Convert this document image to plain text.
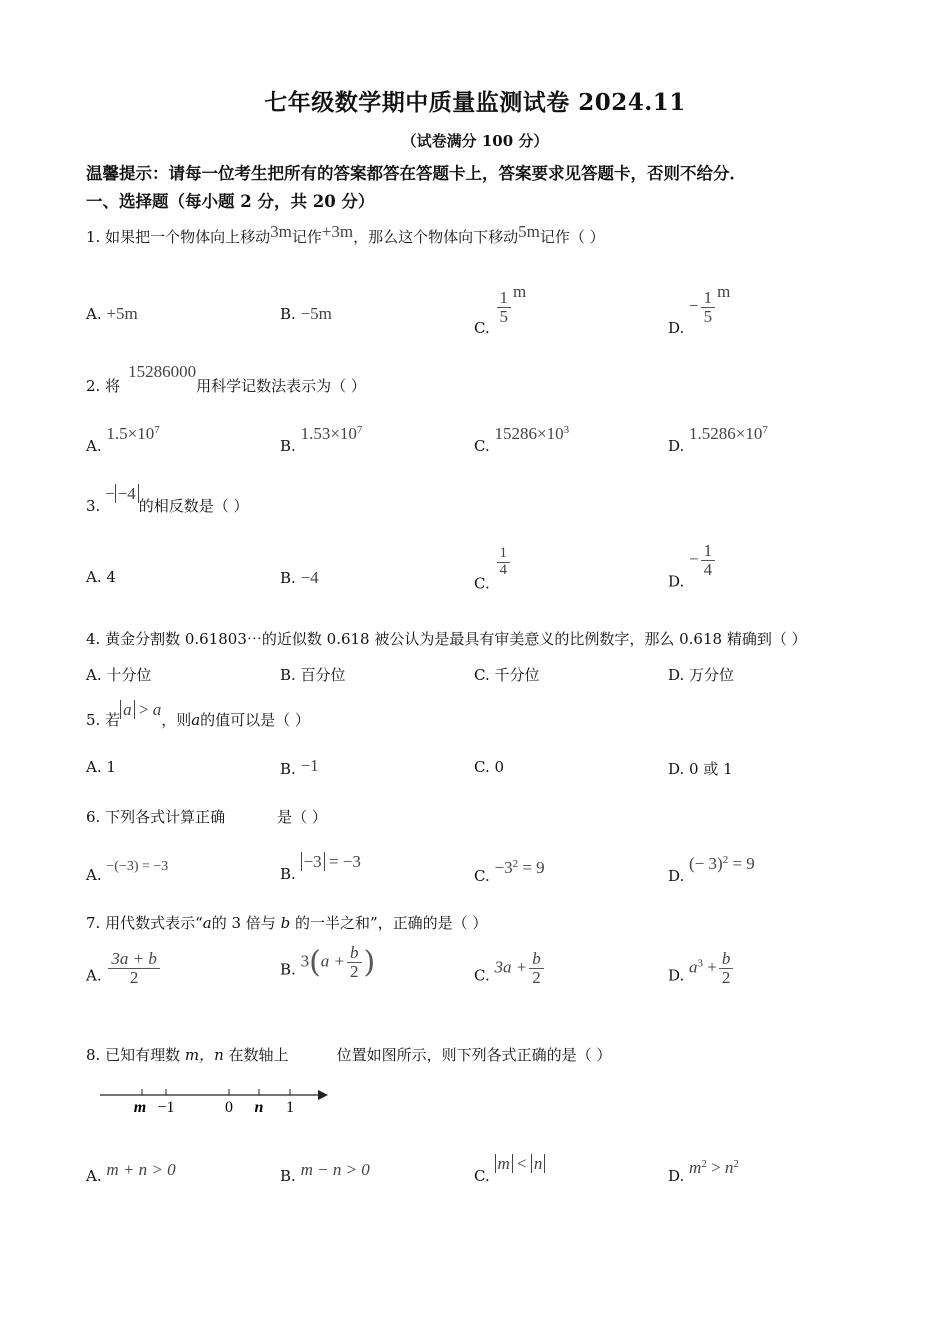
七年级数学期中质量监测试卷 2024.11
（试卷满分 100 分）
温馨提示：请每一位考生把所有的答案都答在答题卡上，答案要求见答题卡，否则不给分．
一、选择题（每小题 2 分，共 20 分）
1. 如果把一个物体向上移动3m记作+3m，那么这个物体向下移动5m记作（ ）
A. +5m	B. −5m
C.
$\frac{1}{5}$ m
D. − $\frac{1}{5}$ m
2. 将15286000用科学记数法表示为（ ）
A. $1.5\times 10^7$
B. $1.53\times 10^7$
C. $15286\times 10^3$
D. $1.5286\times 10^7$
3. − −4的相反数是（ ）
A. 4	B. −4	C.
$\frac{1}{4}$
D. − $\frac{1}{4}$
4. 黄金分割数 0.61803⋯的近似数 0.618 被公认为是最具有审美意义的比例数字，那么 0.618 精确到（ ）
A. 十分位	B. 百分位	C. 千分位	D. 万分位
5. 若a > a，则a的值可以是（ ）
A. 1	B. −1	C. 0	D. 0 或 1
6. 下列各式计算正确	是（ ）
A. −(−3) = −3	B. −3 = −3
C. $-3^2 = 9$	D. (− 3)$^2$ = 9
7. 用代数式表示“a的 3 倍与 b 的一半之和”，正确的是（ ）
A. $\frac{3a + b}{2}$	B. $3(a + \frac{b}{2}$ )	C. $3a + \frac{b}{2}$	D. $a^3 + \frac{b}{2}$
8. 已知有理数 m，n 在数轴上	位置如图所示，则下列各式正确的是（ ）
m −1	0 n 1
A. m + n > 0	B. m − n > 0	C. m < n
D. $m^2 > n^2$
